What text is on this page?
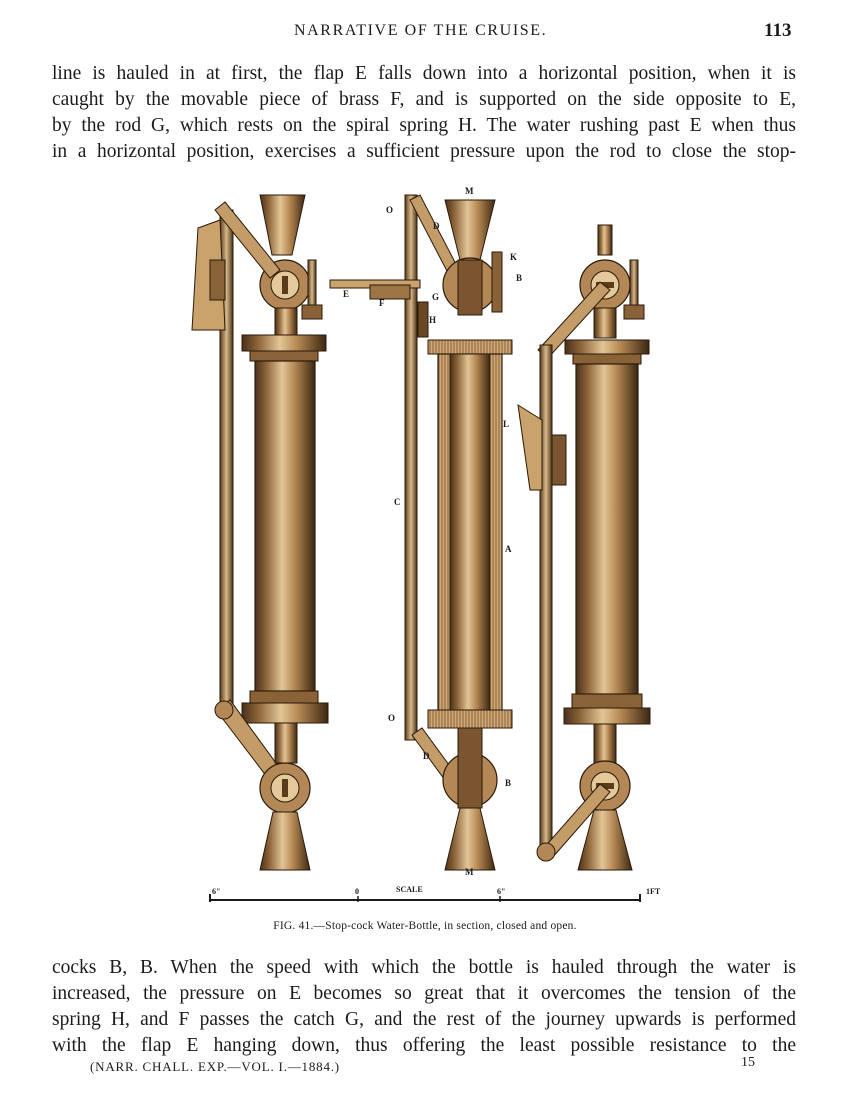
NARRATIVE OF THE CRUISE.	113
line is hauled in at first, the flap E falls down into a horizontal position, when it is
caught by the movable piece of brass F, and is supported on the side opposite to E,
by the rod G, which rests on the spiral spring H. The water rushing past E when thus
in a horizontal position, exercises a sufficient pressure upon the rod to close the stop-
M
O
D
K
B
E
F
G
H
L
C
A
O
D
B
M
6"	0	SCALE	6"	1FT
FIG. 41.—Stop-cock Water-Bottle, in section, closed and open.
cocks B, B. When the speed with which the bottle is hauled through the water is
increased, the pressure on E becomes so great that it overcomes the tension of the
spring H, and F passes the catch G, and the rest of the journey upwards is performed
with the flap E hanging down, thus offering the least possible resistance to the
(NARR. CHALL. EXP.—VOL. I.—1884.)	15
